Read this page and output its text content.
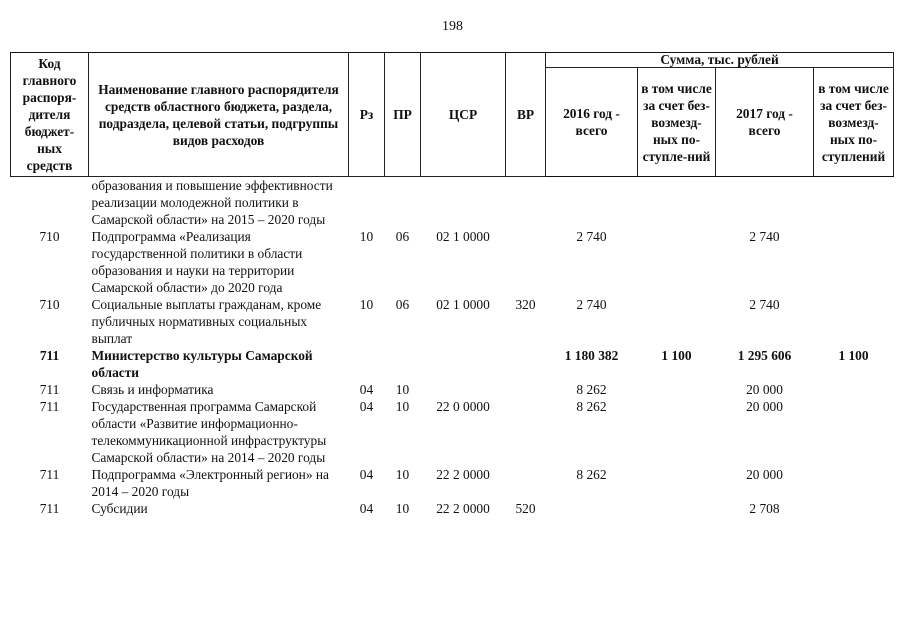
198
Код главного распоря-дителя бюджет-ных средств	Наименование главного распорядителя средств областного бюджета, раздела, подраздела, целевой статьи, подгруппы видов расходов	Рз	ПР	ЦСР	ВР	Сумма, тыс. рублей			
						2016 год - всего	в том числе за счет без-возмезд-ных по-ступле-ний	2017 год - всего	в том числе за счет без-возмезд-ных по-ступлений
	образования и повышение эффективности реализации молодежной политики в Самарской области» на 2015 – 2020 годы								
710	Подпрограмма «Реализация государственной политики в области образования и науки на территории Самарской области» до 2020 года	10	06	02 1 0000		2 740		2 740	
710	Социальные выплаты гражданам, кроме публичных нормативных социальных выплат	10	06	02 1 0000	320	2 740		2 740	
711	Министерство культуры Самарской области					1 180 382	1 100	1 295 606	1 100
711	Связь и информатика	04	10			8 262		20 000	
711	Государственная программа Самарской области «Развитие информационно-телекоммуникационной инфраструктуры Самарской области» на 2014 – 2020 годы	04	10	22 0 0000		8 262		20 000	
711	Подпрограмма «Электронный регион» на 2014 – 2020 годы	04	10	22 2 0000		8 262		20 000	
711	Субсидии	04	10	22 2 0000	520			2 708	
